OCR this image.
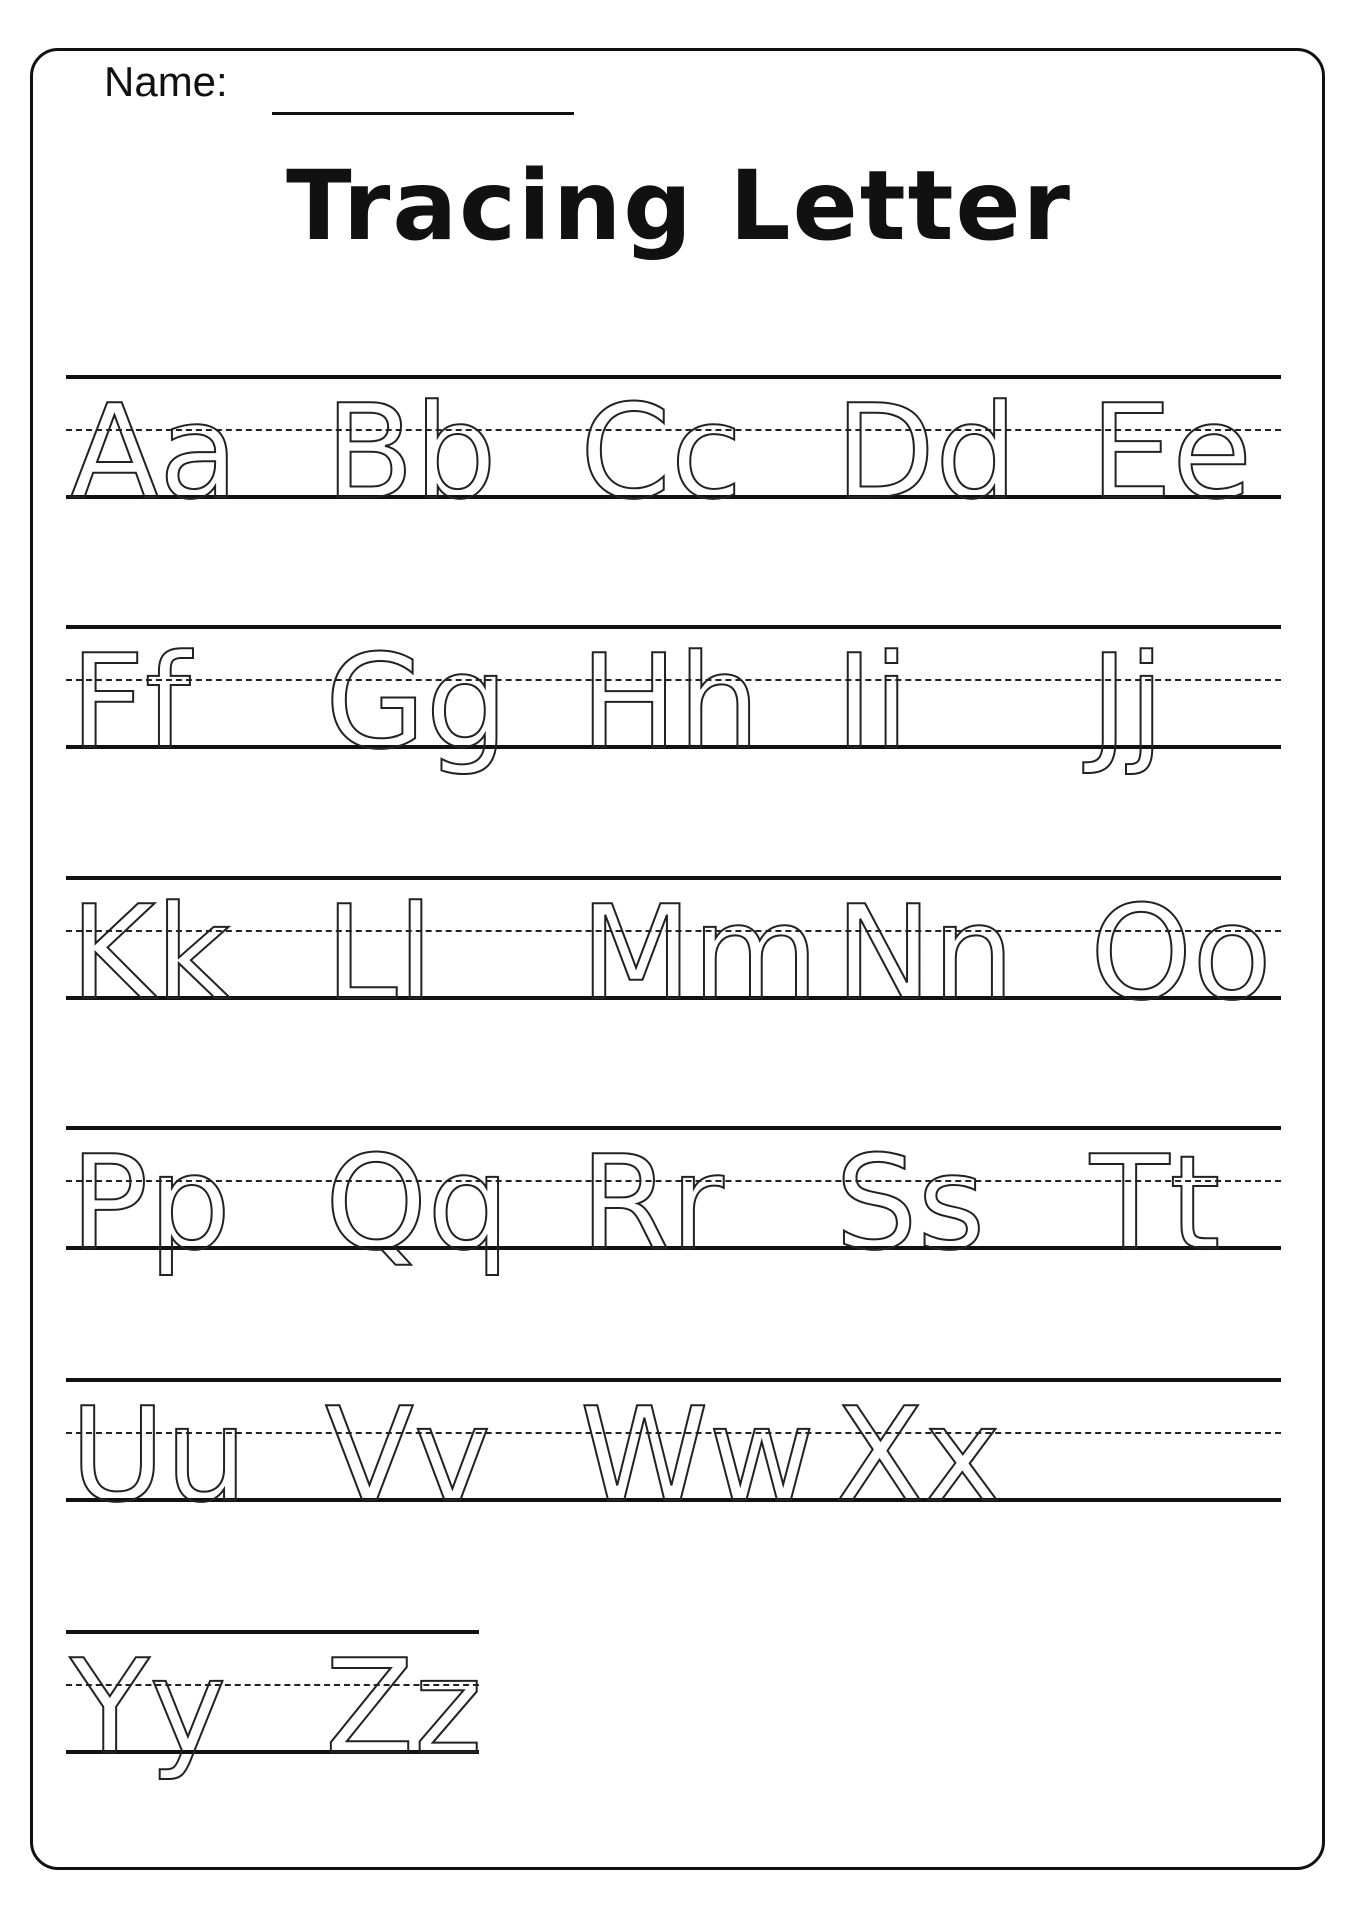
Name:
Tracing Letter
Aa Bb Cc Dd Ee
Ff Gg Hh Ii Jj
Kk Ll Mm Nn Oo
Pp Qq Rr Ss Tt
Uu Vv Ww Xx
Yy Zz
